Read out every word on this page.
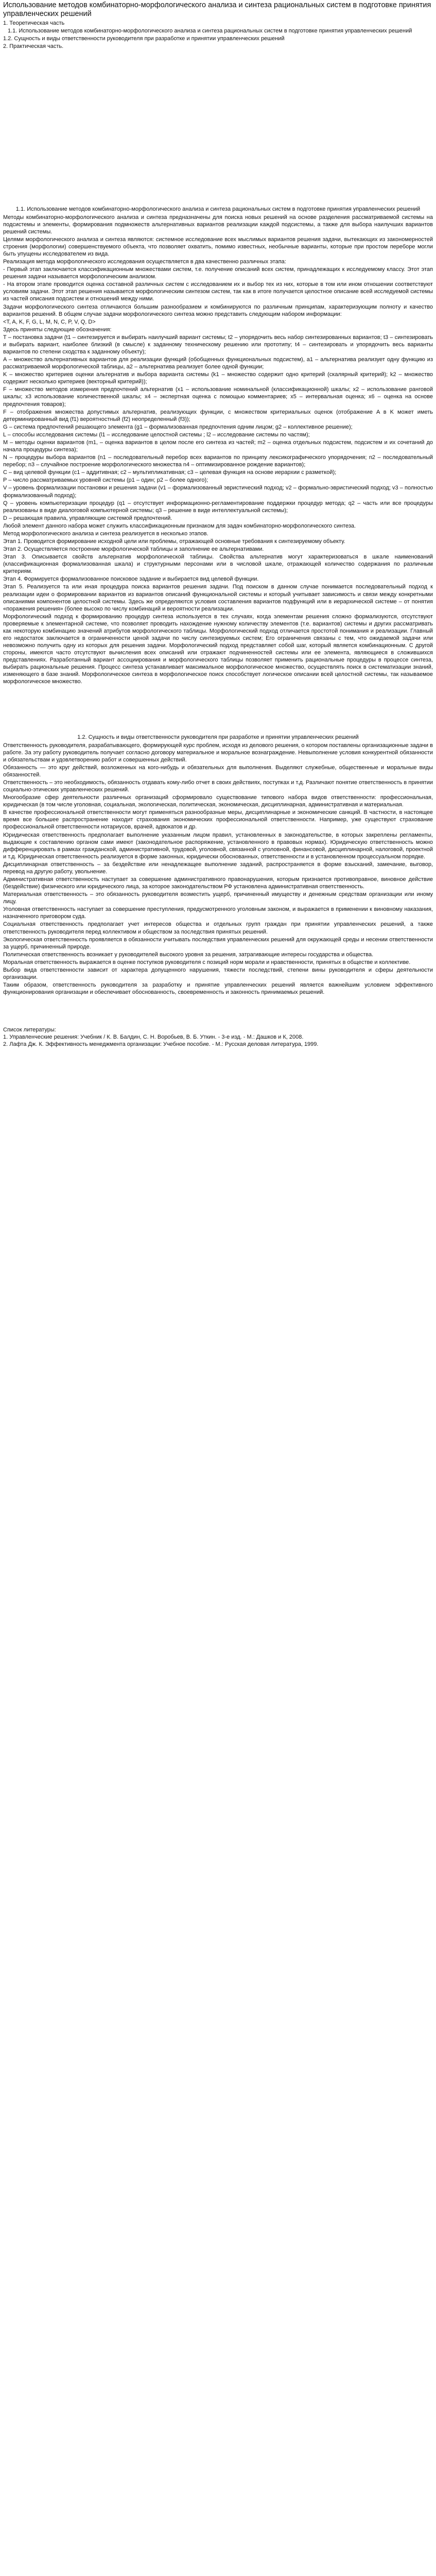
Использование методов комбинаторно-морфологического анализа и синтеза рациональных систем в подготовке принятия управленческих решений

1. Теоретическая часть

1.1. Использование методов комбинаторно-морфологического анализа и синтеза рациональных систем в подготовке принятия управленческих решений

1.2. Сущность и виды ответственности руководителя при разработке и принятии управленческих решений

2. Практическая часть.

1.1. Использование методов комбинаторно-морфологического анализа и синтеза рациональных систем в подготовке принятия управленческих решений

Методы комбинаторно-морфологического анализа и синтеза предназначены для поиска новых решений на основе разделения рассматриваемой системы на подсистемы и элементы, формирования подмножеств альтернативных вариантов реализации каждой подсистемы, а также для выбора наилучших вариантов решений системы.

Целями морфологического анализа и синтеза являются: системное исследование всех мыслимых вариантов решения задачи, вытекающих из закономерностей строения (морфологии) совершенствуемого объекта, что позволяет охватить, помимо известных, необычные варианты, которые при простом переборе могли быть упущены исследователем из вида.

Реализация метода морфологического исследования осуществляется в два качественно различных этапа:

- Первый этап заключается классификационным множествами систем, т.е. получение описаний всех систем, принадлежащих к исследуемому классу. Этот этап решения задачи называется морфологическим анализом.

- На втором этапе проводится оценка составной различных систем с исследованием их и выбор тех из них, которые в том или ином отношении соответствуют условиям задачи. Этот этап решения называется морфологическим синтезом систем, так как в итоге получается целостное описание всей исследуемой системы из частей описания подсистем и отношений между ними.

Задачи морфологического синтеза отличаются большим разнообразием и комбинируются по различным принципам, характеризующим полноту и качество вариантов решений. В общем случае задачи морфологического синтеза можно представить следующим набором информации:

<T, A, K, F, G, L, M, N, C, P, V, Q, D>

Здесь приняты следующие обозначения:

T – постановка задачи (t1 – синтезируется и выбирать наилучший вариант системы; t2 – упорядочить весь набор синтезированных вариантов; t3 – синтезировать и выбирать вариант, наиболее близкий (в смысле) к заданному техническому решению или прототипу; t4 – синтезировать и упорядочить весь варианты вариантов по степени сходства к заданному объекту);

A – множество альтернативных вариантов для реализации функций (обобщенных функциональных подсистем), a1 – альтернатива реализует одну функцию из рассматриваемой морфологической таблицы, a2 – альтернатива реализует более одной функции;

K – множество критериев оценки альтернатив и выбора варианта системы (k1 – множество содержит одно критерий (скалярный критерий); k2 – множество содержит несколько критериев (векторный критерий));

F – множество методов измерения предпочтений альтернатив (x1 – использование номинальной (классификационной) шкалы; x2 – использование ранговой шкалы; x3 использование количественной шкалы; x4 – экспертная оценка с помощью комментариев; x5 – интервальная оценка; x6 – оценка на основе предпочтения товаров);

F – отображения множества допустимых альтернатив, реализующих функции, с множеством критериальных оценок (отображение A в K может иметь детерминированный вид (f1) вероятностный (f2) неопределенный (f3));

G – система предпочтений решающего элемента (g1 – формализованная предпочтения одним лицом; g2 – коллективное решение);

L – способы исследования системы (l1 – исследование целостной системы ; l2 – исследование системы по частям);

M – методы оценки вариантов (m1, – оценка вариантов в целом после его синтеза из частей; m2 – оценка отдельных подсистем, подсистем и их сочетаний до начала процедуры синтеза);

N – процедуры выбора вариантов (n1 – последовательный перебор всех вариантов по принципу лексикографического упорядочения; n2 – последовательный перебор; n3 – случайное построение морфологического множества n4 – оптимизированное рождение вариантов);

C – вид целевой функции (c1 – аддитивная; c2 – мультипликативная; c3 – целевая функция на основе иерархии с разметкой);

P – число рассматриваемых уровней системы (p1 – один; p2 – более одного);

V – уровень формализации постановки и решения задачи (v1 – формализованный эвристический подход; v2 – формально-эвристический подход; v3 – полностью формализованный подход);

Q – уровень компьютеризации процедур (q1 – отсутствует информационно-регламентирование поддержки процедур метода; q2 – часть или все процедуры реализованы в виде диалоговой компьютерной системы; q3 – решение в виде интеллектуальной системы);

D – решающая правила, управляющие системой предпочтений.

Любой элемент данного набора может служить классификационным признаком для задач комбинаторно-морфологического синтеза.

Метод морфологического анализа и синтеза реализуется в несколько этапов.

Этап 1. Проводится формирование исходной цели или проблемы, отражающей основные требования к синтезируемому объекту.

Этап 2. Осуществляется построение морфологической таблицы и заполнение ее альтернативами.

Этап 3. Описывается свойств альтернатив морфологической таблицы. Свойства альтернатив могут характеризоваться в шкале наименований (классификационная формализованная шкала) и структурными персонами или в числовой шкале, отражающей количество содержания по различным критериям.

Этап 4. Формируется формализованное поисковое задание и выбирается вид целевой функции.

Этап 5. Реализуется та или иная процедура поиска вариантов решения задачи. Под поиском в данном случае понимается последовательный подход к реализации идеи о формировании вариантов из вариантов описаний функциональной системы и который учитывает зависимость и связи между конкретными описаниями компонентов целостной системы. Здесь же определяются условия составления вариантов подфункций или в иерархической системе – от понятия «поражения решения» (более высоко по числу комбинаций и вероятности реализации.

Морфологический подход к формированию процедур синтеза используется в тех случаях, когда элементам решения сложно формализуются, отсутствуют проверяемые к элементарной системе, что позволяет проводить нахождение нужному количеству элементов (т.е. вариантов) системы и других рассматривать как некоторую комбинацию значений атрибутов морфологического таблицы. Морфологический подход отличается простотой понимания и реализации. Главный его недостаток заключается в ограниченности ценой задачи по числу синтезируемых систем; Его ограничения связаны с тем, что ожидаемой задачи или невозможно получить одну из которых для решения задачи. Морфологический подход представляет собой шаг, который является комбинационным. С другой стороны, имеются часто отсутствуют вычисления всех описаний или отражают подчиненностей системы или ее элемента, являющиеся в сложившихся представлениях. Разработанный вариант ассоциирования и морфологического таблицы позволяет применить рациональные процедуры в процессе синтеза, выбирать рациональные решения. Процесс синтеза устанавливает максимальное морфологическое множество, осуществлять поиск в систематизации знаний, изменяющего в базе знаний. Морфологическое синтеза в морфологическое поиск способствует логическое описании всей целостной системы, так называемое морфологическое множество.

1.2. Сущность и виды ответственности руководителя при разработке и принятии управленческих решений

Ответственность руководителя, разрабатывающего, формирующей курс проблем, исходя из делового решения, о котором поставлены организационные задачи в работе. За эту работу руководитель получает согласно договору материальное и моральное вознаграждение. Невыполнение условия конкурентной обязанности и обязательствам и удовлетворению работ и совершенных действий.

Обязанность — это круг действий, возложенных на кого-нибудь и обязательных для выполнения. Выделяют служебные, общественные и моральные виды обязанностей.

Ответственность – это необходимость, обязанность отдавать кому-либо отчет в своих действиях, поступках и т.д. Различают понятие ответственность в принятии социально-этических управленческих решений.

Многообразие сфер деятельности различных организаций сформировало существование типового набора видов ответственности: профессиональная, юридическая (в том числе уголовная, социальная, экологическая, политическая, экономическая, дисциплинарная, административная и материальная.

В качестве профессиональной ответственности могут применяться разнообразные меры, дисциплинарные и экономические санкций. В частности, в настоящее время все большее распространение находит страхования экономических профессиональной ответственности. Например, уже существуют страхование профессиональной ответственности нотариусов, врачей, адвокатов и др.

Юридическая ответственность предполагает выполнение указанным лицом правил, установленных в законодательстве, в которых закреплены регламенты, выдающие к составлению органом сами имеют (законодательное распоряжение, установленного в правовых нормах). Юридическую ответственность можно дифференцировать в рамках гражданской, административной, трудовой, уголовной, связанной с уголовной, финансовой, дисциплинарной, налоговой, проектной и т.д. Юридическая ответственность реализуется в форме законных, юридически обоснованных, ответственности и в установленном процессуальном порядке.

Дисциплинарная ответственность – за бездействие или ненадлежащее выполнение заданий, распространяется в форме взысканий, замечание, выговор, перевод на другую работу, увольнение.

Административная ответственность наступает за совершение административного правонарушения, которым признается противоправное, виновное действие (бездействие) физического или юридического лица, за которое законодательством РФ установлена административная ответственность.

Материальная ответственность – это обязанность руководителя возместить ущерб, причиненный имуществу и денежным средствам организации или иному лицу.

Уголовная ответственность наступает за совершение преступления, предусмотренного уголовным законом, и выражается в применении к виновному наказания, назначенного приговором суда.

Социальная ответственность предполагает учет интересов общества и отдельных групп граждан при принятии управленческих решений, а также ответственность руководителя перед коллективом и обществом за последствия принятых решений.

Экологическая ответственность проявляется в обязанности учитывать последствия управленческих решений для окружающей среды и несении ответственности за ущерб, причиненный природе.

Политическая ответственность возникает у руководителей высокого уровня за решения, затрагивающие интересы государства и общества.

Моральная ответственность выражается в оценке поступков руководителя с позиций норм морали и нравственности, принятых в обществе и коллективе.

Выбор вида ответственности зависит от характера допущенного нарушения, тяжести последствий, степени вины руководителя и сферы деятельности организации.

Таким образом, ответственность руководителя за разработку и принятие управленческих решений является важнейшим условием эффективного функционирования организации и обеспечивает обоснованность, своевременность и законность принимаемых решений.

Список литературы:

1. Управленческие решения: Учебник / К. В. Балдин, С. Н. Воробьев, В. Б. Уткин. - 3-е изд. - М.: Дашков и К, 2008.

2. Лафта Дж. К. Эффективность менеджмента организации: Учебное пособие. - М.: Русская деловая литература, 1999.
